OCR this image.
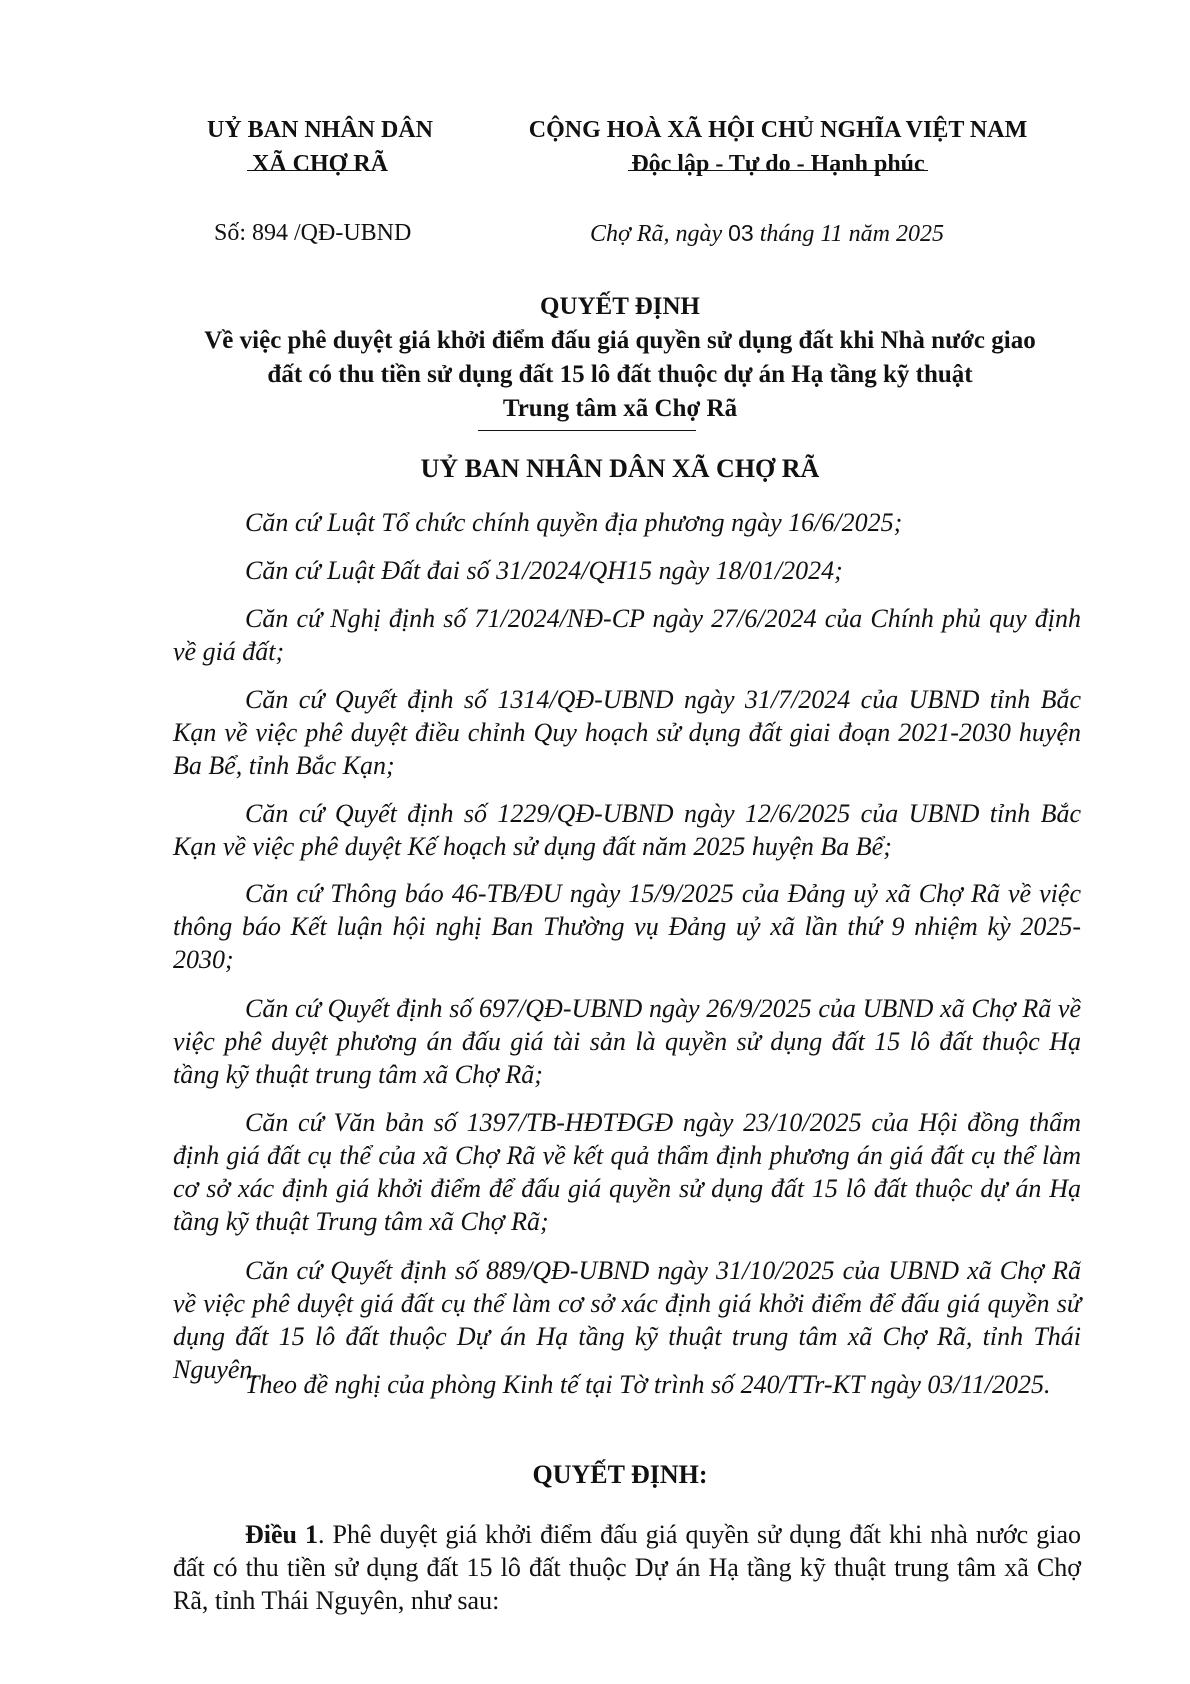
UỶ BAN NHÂN DÂN
XÃ CHỢ RÃ
CỘNG HOÀ XÃ HỘI CHỦ NGHĨA VIỆT NAM
Độc lập - Tự do - Hạnh phúc
Số: 894 /QĐ-UBND	Chợ Rã, ngày 03 tháng 11 năm 2025
QUYẾT ĐỊNH
Về việc phê duyệt giá khởi điểm đấu giá quyền sử dụng đất khi Nhà nước giao
đất có thu tiền sử dụng đất 15 lô đất thuộc dự án Hạ tầng kỹ thuật
Trung tâm xã Chợ Rã
UỶ BAN NHÂN DÂN XÃ CHỢ RÃ
Căn cứ Luật Tổ chức chính quyền địa phương ngày 16/6/2025;
Căn cứ Luật Đất đai số 31/2024/QH15 ngày 18/01/2024;
Căn cứ Nghị định số 71/2024/NĐ-CP ngày 27/6/2024 của Chính phủ quy định về giá đất;
Căn cứ Quyết định số 1314/QĐ-UBND ngày 31/7/2024 của UBND tỉnh Bắc Kạn về việc phê duyệt điều chỉnh Quy hoạch sử dụng đất giai đoạn 2021-2030 huyện Ba Bể, tỉnh Bắc Kạn;
Căn cứ Quyết định số 1229/QĐ-UBND ngày 12/6/2025 của UBND tỉnh Bắc Kạn về việc phê duyệt Kế hoạch sử dụng đất năm 2025 huyện Ba Bể;
Căn cứ Thông báo 46-TB/ĐU ngày 15/9/2025 của Đảng uỷ xã Chợ Rã về việc thông báo Kết luận hội nghị Ban Thường vụ Đảng uỷ xã lần thứ 9 nhiệm kỳ 2025-2030;
Căn cứ Quyết định số 697/QĐ-UBND ngày 26/9/2025 của UBND xã Chợ Rã về việc phê duyệt phương án đấu giá tài sản là quyền sử dụng đất 15 lô đất thuộc Hạ tầng kỹ thuật trung tâm xã Chợ Rã;
Căn cứ Văn bản số 1397/TB-HĐTĐGĐ ngày 23/10/2025 của Hội đồng thẩm định giá đất cụ thể của xã Chợ Rã về kết quả thẩm định phương án giá đất cụ thể làm cơ sở xác định giá khởi điểm để đấu giá quyền sử dụng đất 15 lô đất thuộc dự án Hạ tầng kỹ thuật Trung tâm xã Chợ Rã;
Căn cứ Quyết định số 889/QĐ-UBND ngày 31/10/2025 của UBND xã Chợ Rã về việc phê duyệt giá đất cụ thể làm cơ sở xác định giá khởi điểm để đấu giá quyền sử dụng đất 15 lô đất thuộc Dự án Hạ tầng kỹ thuật trung tâm xã Chợ Rã, tỉnh Thái Nguyên.
Theo đề nghị của phòng Kinh tế tại Tờ trình số 240/TTr-KT ngày 03/11/2025.
QUYẾT ĐỊNH:
Điều 1. Phê duyệt giá khởi điểm đấu giá quyền sử dụng đất khi nhà nước giao đất có thu tiền sử dụng đất 15 lô đất thuộc Dự án Hạ tầng kỹ thuật trung tâm xã Chợ Rã, tỉnh Thái Nguyên, như sau:
